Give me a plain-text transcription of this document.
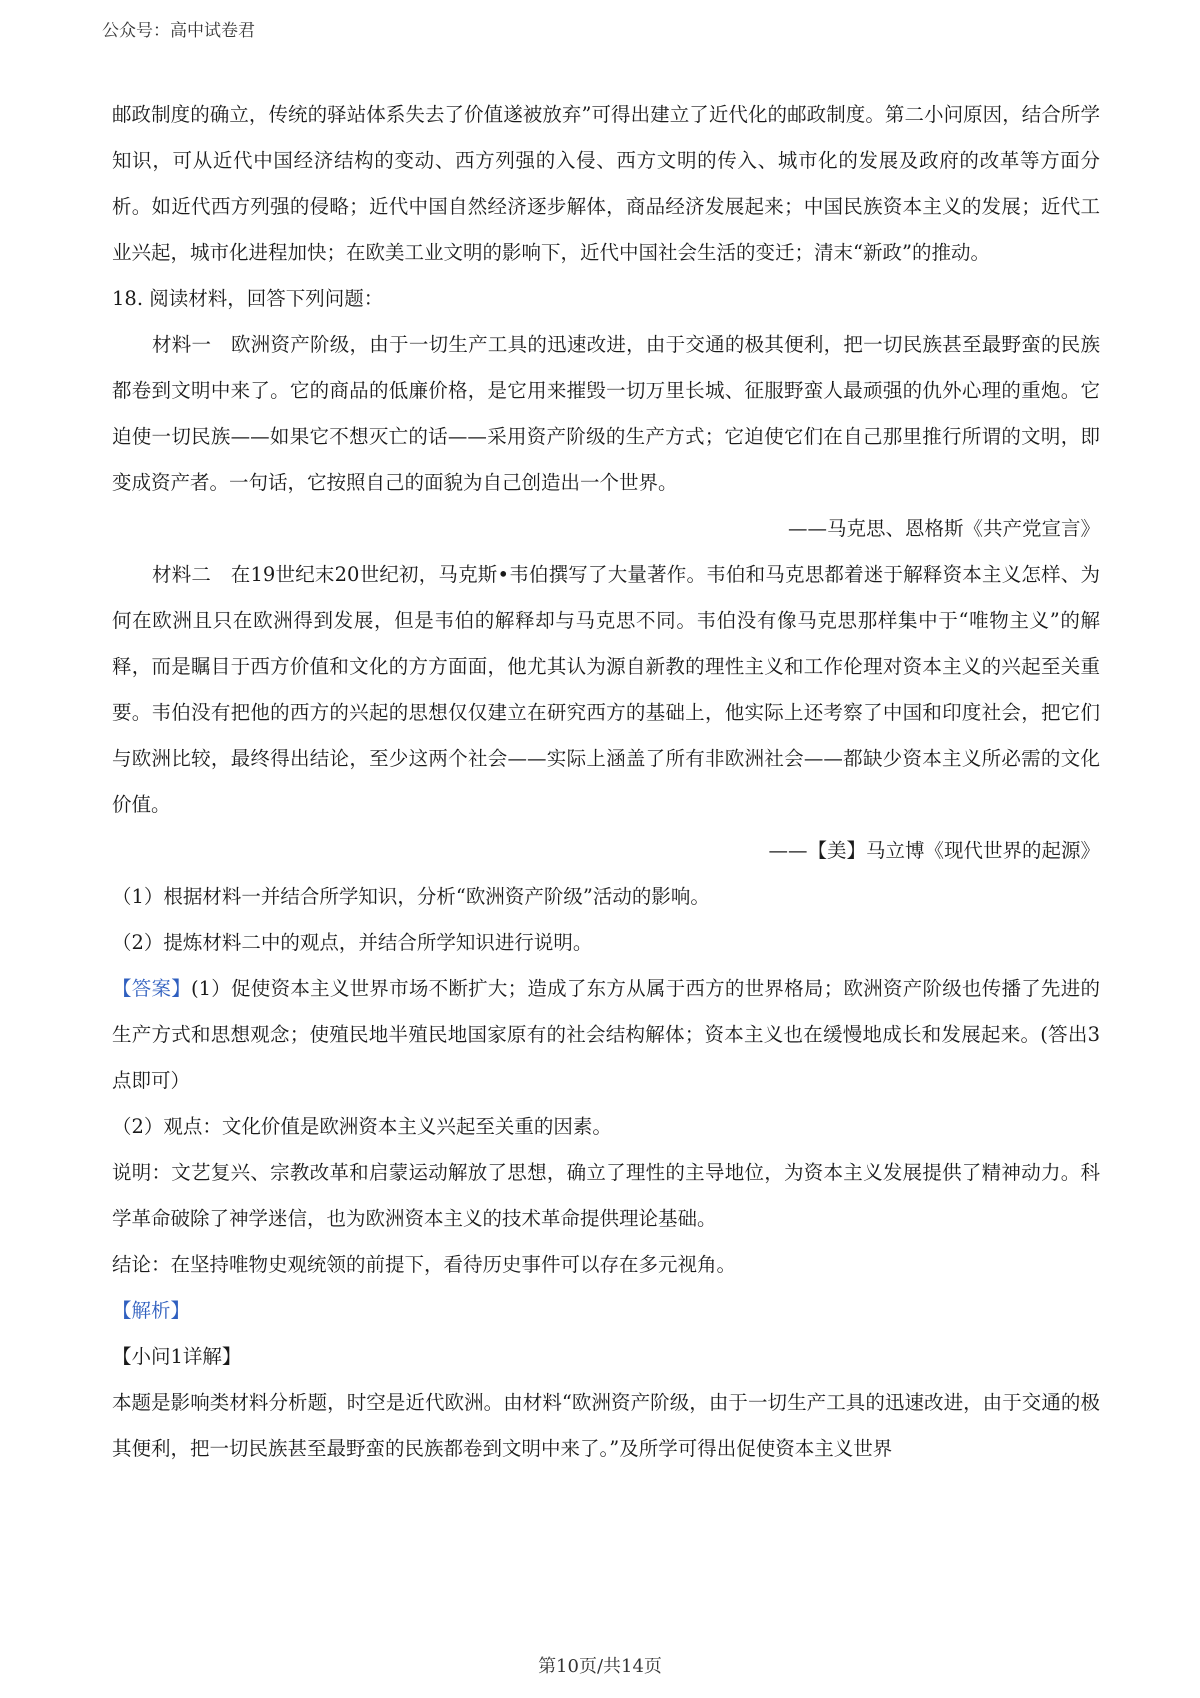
公众号：高中试卷君

邮政制度的确立，传统的驿站体系失去了价值遂被放弃”可得出建立了近代化的邮政制度。第二小问原因，结合所学知识，可从近代中国经济结构的变动、西方列强的入侵、西方文明的传入、城市化的发展及政府的改革等方面分析。如近代西方列强的侵略；近代中国自然经济逐步解体，商品经济发展起来；中国民族资本主义的发展；近代工业兴起，城市化进程加快；在欧美工业文明的影响下，近代中国社会生活的变迁；清末“新政”的推动。

18. 阅读材料，回答下列问题：

材料一　欧洲资产阶级，由于一切生产工具的迅速改进，由于交通的极其便利，把一切民族甚至最野蛮的民族都卷到文明中来了。它的商品的低廉价格，是它用来摧毁一切万里长城、征服野蛮人最顽强的仇外心理的重炮。它迫使一切民族——如果它不想灭亡的话——采用资产阶级的生产方式；它迫使它们在自己那里推行所谓的文明，即变成资产者。一句话，它按照自己的面貌为自己创造出一个世界。

——马克思、恩格斯《共产党宣言》

材料二　在19世纪末20世纪初，马克斯•韦伯撰写了大量著作。韦伯和马克思都着迷于解释资本主义怎样、为何在欧洲且只在欧洲得到发展，但是韦伯的解释却与马克思不同。韦伯没有像马克思那样集中于“唯物主义”的解释，而是瞩目于西方价值和文化的方方面面，他尤其认为源自新教的理性主义和工作伦理对资本主义的兴起至关重要。韦伯没有把他的西方的兴起的思想仅仅建立在研究西方的基础上，他实际上还考察了中国和印度社会，把它们与欧洲比较，最终得出结论，至少这两个社会——实际上涵盖了所有非欧洲社会——都缺少资本主义所必需的文化价值。

——【美】马立博《现代世界的起源》

（1）根据材料一并结合所学知识，分析“欧洲资产阶级”活动的影响。

（2）提炼材料二中的观点，并结合所学知识进行说明。

【答案】(1）促使资本主义世界市场不断扩大；造成了东方从属于西方的世界格局；欧洲资产阶级也传播了先进的生产方式和思想观念；使殖民地半殖民地国家原有的社会结构解体；资本主义也在缓慢地成长和发展起来。(答出3点即可）

（2）观点：文化价值是欧洲资本主义兴起至关重的因素。

说明：文艺复兴、宗教改革和启蒙运动解放了思想，确立了理性的主导地位，为资本主义发展提供了精神动力。科学革命破除了神学迷信，也为欧洲资本主义的技术革命提供理论基础。

结论：在坚持唯物史观统领的前提下，看待历史事件可以存在多元视角。

【解析】

【小问1详解】

本题是影响类材料分析题，时空是近代欧洲。由材料“欧洲资产阶级，由于一切生产工具的迅速改进，由于交通的极其便利，把一切民族甚至最野蛮的民族都卷到文明中来了。”及所学可得出促使资本主义世界

第10页/共14页
